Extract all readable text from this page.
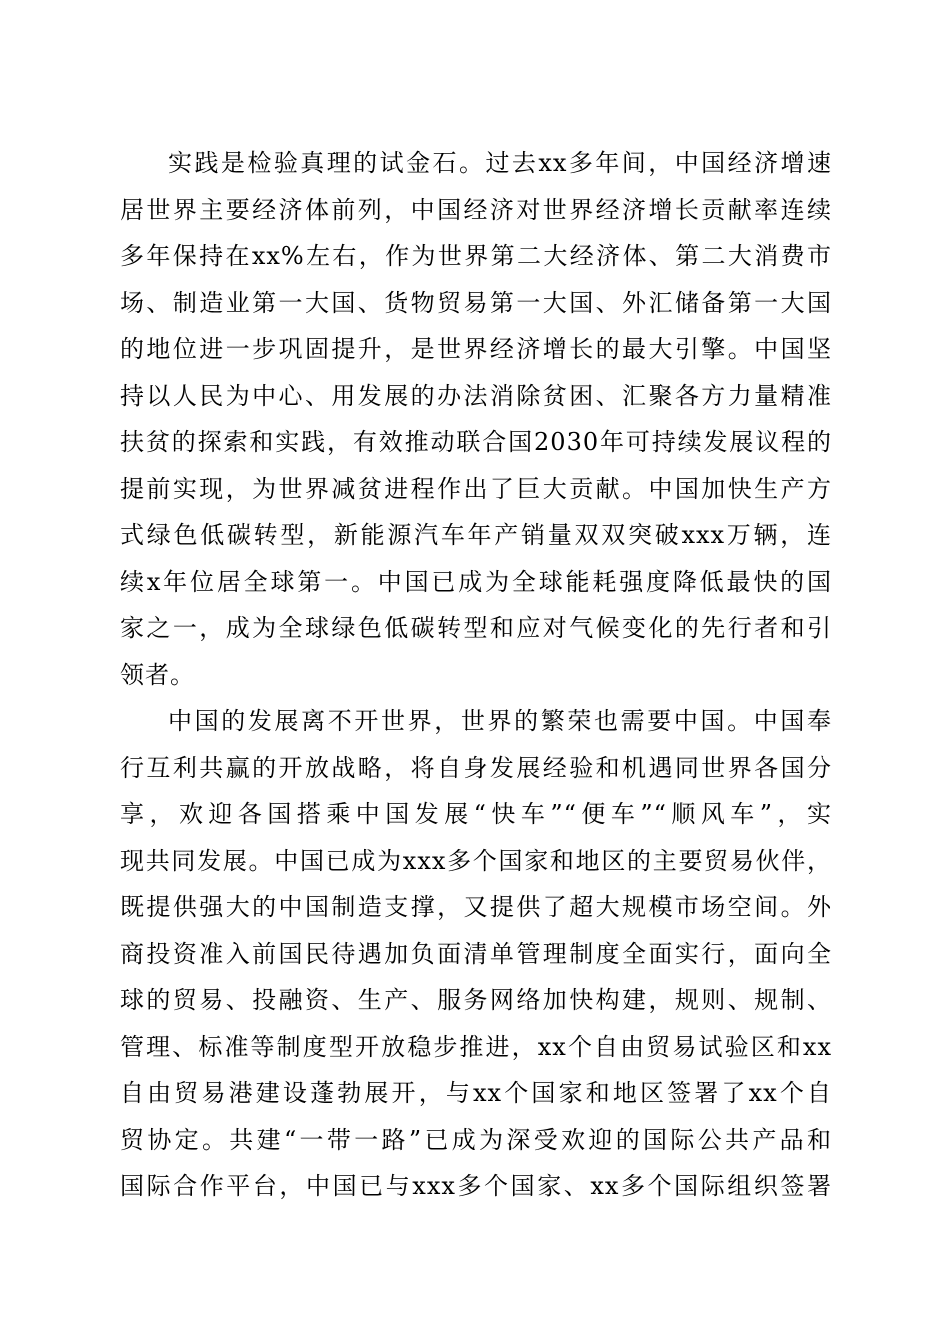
实践是检验真理的试金石。过去xx多年间，中国经济增速
居世界主要经济体前列，中国经济对世界经济增长贡献率连续
多年保持在xx%左右，作为世界第二大经济体、第二大消费市
场、制造业第一大国、货物贸易第一大国、外汇储备第一大国
的地位进一步巩固提升，是世界经济增长的最大引擎。中国坚
持以人民为中心、用发展的办法消除贫困、汇聚各方力量精准
扶贫的探索和实践，有效推动联合国2030年可持续发展议程的
提前实现，为世界减贫进程作出了巨大贡献。中国加快生产方
式绿色低碳转型，新能源汽车年产销量双双突破xxx万辆，连
续x年位居全球第一。中国已成为全球能耗强度降低最快的国
家之一，成为全球绿色低碳转型和应对气候变化的先行者和引
领者。
中国的发展离不开世界，世界的繁荣也需要中国。中国奉
行互利共赢的开放战略，将自身发展经验和机遇同世界各国分
享，欢迎各国搭乘中国发展“快车”“便车”“顺风车”，实
现共同发展。中国已成为xxx多个国家和地区的主要贸易伙伴，
既提供强大的中国制造支撑，又提供了超大规模市场空间。外
商投资准入前国民待遇加负面清单管理制度全面实行，面向全
球的贸易、投融资、生产、服务网络加快构建，规则、规制、
管理、标准等制度型开放稳步推进，xx个自由贸易试验区和xx
自由贸易港建设蓬勃展开，与xx个国家和地区签署了xx个自
贸协定。共建“一带一路”已成为深受欢迎的国际公共产品和
国际合作平台，中国已与xxx多个国家、xx多个国际组织签署
